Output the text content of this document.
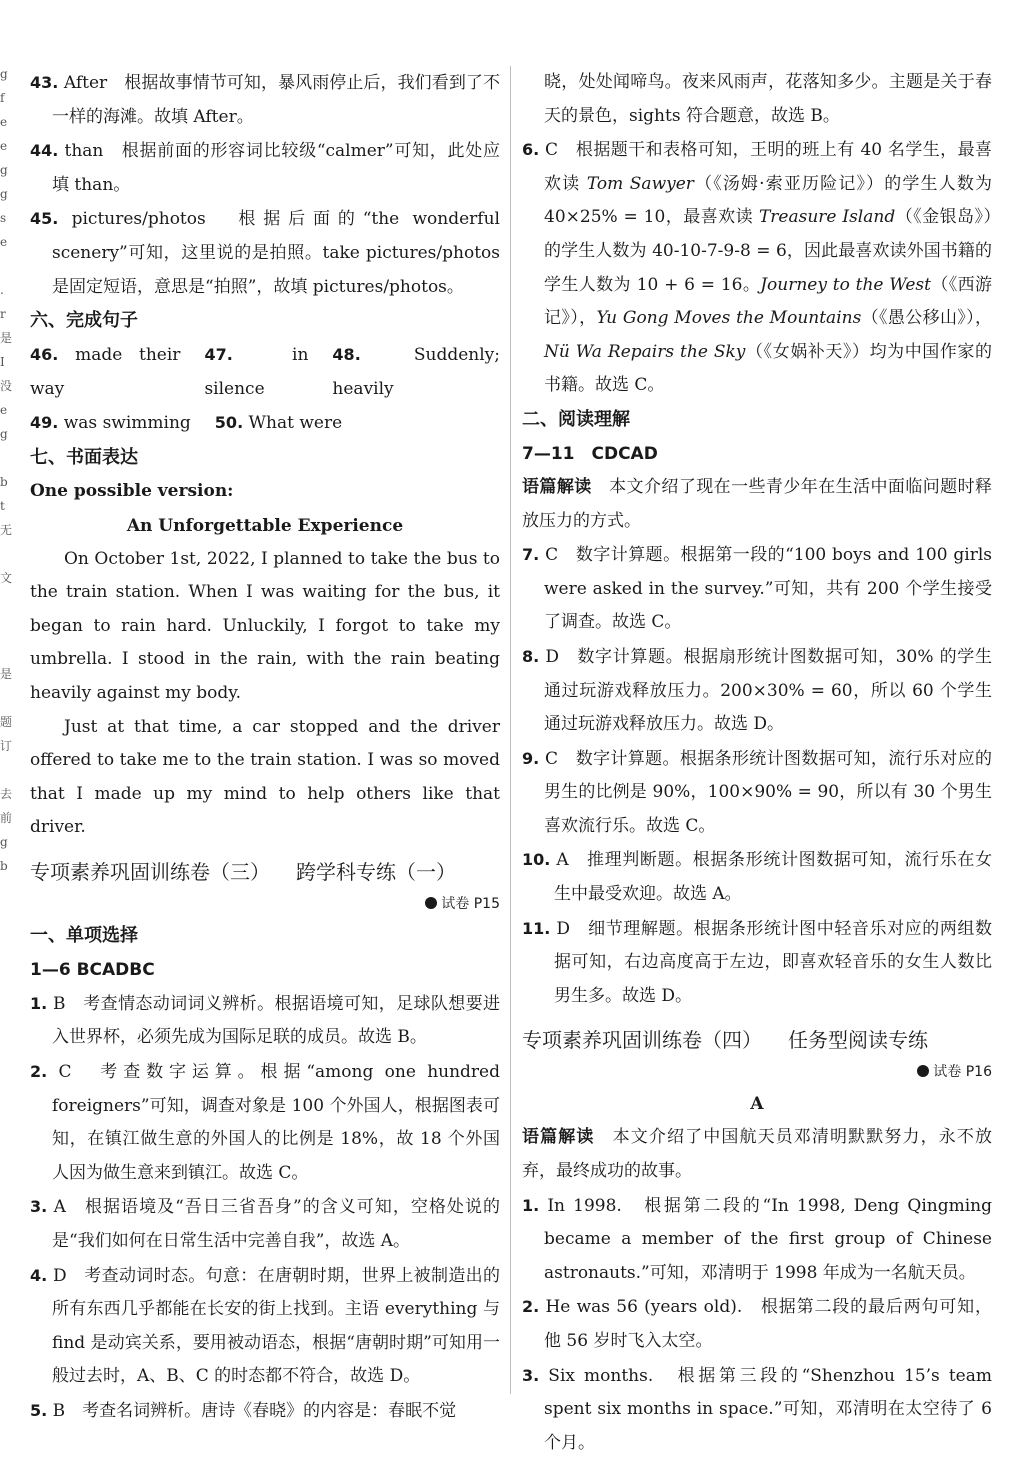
g
f
e
e
g
g
s
e

.
r
是
I
没
e
g

b
t
无

文

是

题
订

去
前
g
b

43. After　根据故事情节可知，暴风雨停止后，我们看到了不一样的海滩。故填 After。

44. than　根据前面的形容词比较级“calmer”可知，此处应填 than。

45. pictures/photos　根据后面的“the wonderful scenery”可知，这里说的是拍照。take pictures/photos 是固定短语，意思是“拍照”，故填 pictures/photos。

六、完成句子
46. made their way
47.	in silence
48.	Suddenly; heavily
49. was swimming 50. What were
七、书面表达
One possible version:
An Unforgettable Experience

On October 1st, 2022, I planned to take the bus to the train station. When I was waiting for the bus, it began to rain hard. Unluckily, I forgot to take my umbrella. I stood in the rain, with the rain beating heavily against my body.

Just at that time, a car stopped and the driver offered to take me to the train station. I was so moved that I made up my mind to help others like that driver.

专项素养巩固训练卷（三） 跨学科专练（一）
试卷 P15
一、单项选择
1—6 BCADBC

1. B　考查情态动词词义辨析。根据语境可知，足球队想要进入世界杯，必须先成为国际足联的成员。故选 B。

2. C　考查数字运算。根据“among one hundred foreigners”可知，调查对象是 100 个外国人，根据图表可知，在镇江做生意的外国人的比例是 18%，故 18 个外国人因为做生意来到镇江。故选 C。

3. A　根据语境及“吾日三省吾身”的含义可知，空格处说的是“我们如何在日常生活中完善自我”，故选 A。

4. D　考查动词时态。句意：在唐朝时期，世界上被制造出的所有东西几乎都能在长安的街上找到。主语 everything 与 find 是动宾关系，要用被动语态，根据“唐朝时期”可知用一般过去时，A、B、C 的时态都不符合，故选 D。

5. B　考查名词辨析。唐诗《春晓》的内容是：春眠不觉

晓，处处闻啼鸟。夜来风雨声，花落知多少。主题是关于春天的景色，sights 符合题意，故选 B。

6. C　根据题干和表格可知，王明的班上有 40 名学生，最喜欢读 Tom Sawyer（《汤姆·索亚历险记》）的学生人数为 40×25% = 10，最喜欢读 Treasure Island（《金银岛》）的学生人数为 40-10-7-9-8 = 6，因此最喜欢读外国书籍的学生人数为 10 + 6 = 16。Journey to the West（《西游记》），Yu Gong Moves the Mountains（《愚公移山》），Nü Wa Repairs the Sky（《女娲补天》）均为中国作家的书籍。故选 C。

二、阅读理解
7—11　CDCAD

语篇解读　本文介绍了现在一些青少年在生活中面临问题时释放压力的方式。

7. C　数字计算题。根据第一段的“100 boys and 100 girls were asked in the survey.”可知，共有 200 个学生接受了调查。故选 C。

8. D　数字计算题。根据扇形统计图数据可知，30% 的学生通过玩游戏释放压力。200×30% = 60，所以 60 个学生通过玩游戏释放压力。故选 D。

9. C　数字计算题。根据条形统计图数据可知，流行乐对应的男生的比例是 90%，100×90% = 90，所以有 30 个男生喜欢流行乐。故选 C。

10. A　推理判断题。根据条形统计图数据可知，流行乐在女生中最受欢迎。故选 A。

11. D　细节理解题。根据条形统计图中轻音乐对应的两组数据可知，右边高度高于左边，即喜欢轻音乐的女生人数比男生多。故选 D。

专项素养巩固训练卷（四） 任务型阅读专练
试卷 P16
A

语篇解读　本文介绍了中国航天员邓清明默默努力，永不放弃，最终成功的故事。

1. In 1998.　根据第二段的“In 1998, Deng Qingming became a member of the first group of Chinese astronauts.”可知，邓清明于 1998 年成为一名航天员。

2. He was 56 (years old).　根据第二段的最后两句可知，他 56 岁时飞入太空。

3. Six months.　根据第三段的“Shenzhou 15’s team spent six months in space.”可知，邓清明在太空待了 6 个月。
